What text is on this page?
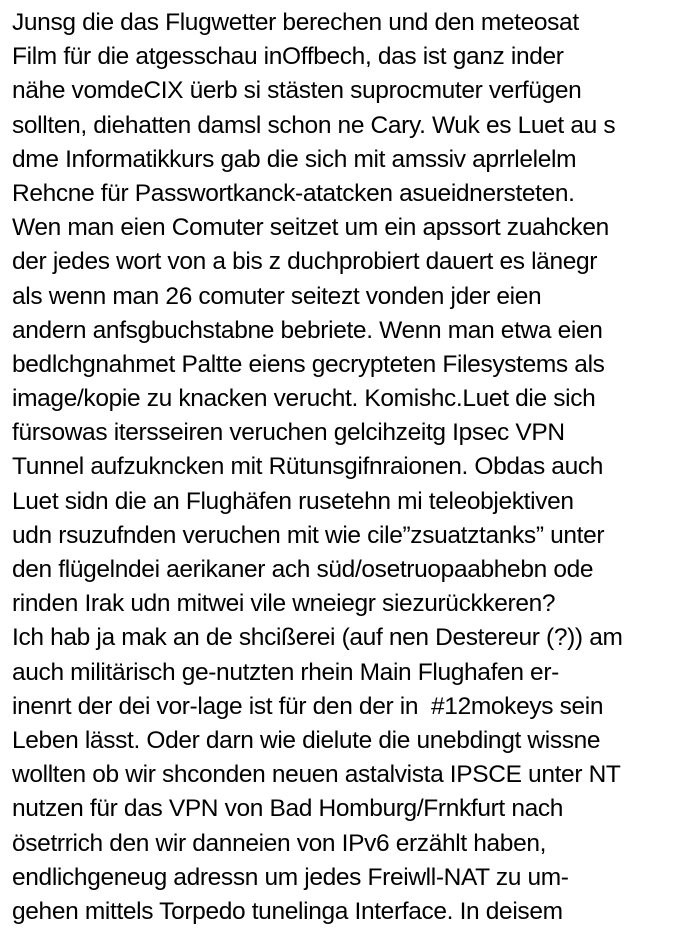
Junsg die das Flugwetter berechen und den meteosat
Film für die atgesschau inOffbech, das ist ganz inder
nähe vomdeCIX üerb si stästen suprocmuter verfügen
sollten, diehatten damsl schon ne Cary. Wuk es Luet au s
dme Informatikkurs gab die sich mit amssiv aprrlelelm
Rehcne für Passwortkanck-atatcken asueidnersteten.
Wen man eien Comuter seitzet um ein apssort zuahcken
der jedes wort von a bis z duchprobiert dauert es länegr
als wenn man 26 comuter seitezt vonden jder eien
andern anfsgbuchstabne bebriete. Wenn man etwa eien
bedlchgnahmet Paltte eiens gecrypteten Filesystems als
image/kopie zu knacken verucht. Komishc.Luet die sich
fürsowas itersseiren veruchen gelcihzeitg Ipsec VPN
Tunnel aufzukncken mit Rütunsgifnraionen. Obdas auch
Luet sidn die an Flughäfen rusetehn mi teleobjektiven
udn rsuzufnden veruchen mit wie cile”zsuatztanks” unter
den flügelndei aerikaner ach süd/osetruopaabhebn ode
rinden Irak udn mitwei vile wneiegr siezurückkeren?
Ich hab ja mak an de shcißerei (auf nen Destereur (?)) am
auch militärisch ge-nutzten rhein Main Flughafen er-
inenrt der dei vor-lage ist für den der in  #12mokeys sein
Leben lässt. Oder darn wie dielute die unebdingt wissne
wollten ob wir shconden neuen astalvista IPSCE unter NT
nutzen für das VPN von Bad Homburg/Frnkfurt nach
ösetrrich den wir danneien von IPv6 erzählt haben,
endlichgeneug adressn um jedes Freiwll-NAT zu um-
gehen mittels Torpedo tunelinga Interface. In deisem
